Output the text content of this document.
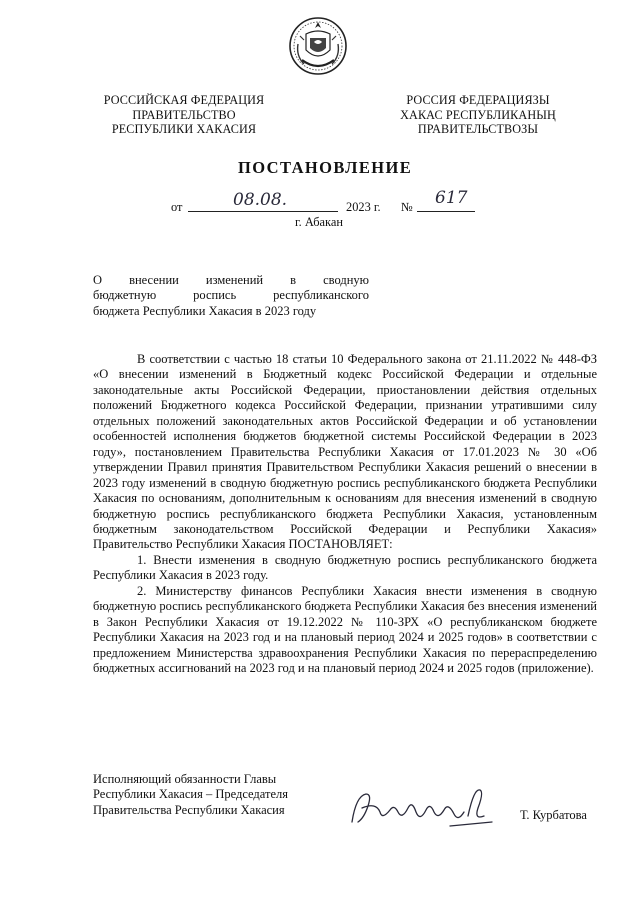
РОССИЙСКАЯ ФЕДЕРАЦИЯ
ПРАВИТЕЛЬСТВО
РЕСПУБЛИКИ ХАКАСИЯ
РОССИЯ ФЕДЕРАЦИЯЗЫ
ХАКАС РЕСПУБЛИКАНЫҢ
ПРАВИТЕЛЬСТВОЗЫ
ПОСТАНОВЛЕНИЕ
от	08.08.	2023 г. № 617
г. Абакан
О внесении изменений в сводную
бюджетную роспись республиканского
бюджета Республики Хакасия в 2023 году

В соответствии с частью 18 статьи 10 Федерального закона от 21.11.2022 № 448-ФЗ «О внесении изменений в Бюджетный кодекс Российской Федерации и отдельные законодательные акты Российской Федерации, приостановлении действия отдельных положений Бюджетного кодекса Российской Федерации, признании утратившими силу отдельных положений законодательных актов Российской Федерации и об установлении особенностей исполнения бюджетов бюджетной системы Российской Федерации в 2023 году», постановлением Правительства Республики Хакасия от 17.01.2023 № 30 «Об утверждении Правил принятия Правительством Республики Хакасия решений о внесении в 2023 году изменений в сводную бюджетную роспись республиканского бюджета Республики Хакасия по основаниям, дополнительным к основаниям для внесения изменений в сводную бюджетную роспись республиканского бюджета Республики Хакасия, установленным бюджетным законодательством Российской Федерации и Республики Хакасия» Правительство Республики Хакасия ПОСТАНОВЛЯЕТ:

1. Внести изменения в сводную бюджетную роспись республиканского бюджета Республики Хакасия в 2023 году.

2. Министерству финансов Республики Хакасия внести изменения в сводную бюджетную роспись республиканского бюджета Республики Хакасия без внесения изменений в Закон Республики Хакасия от 19.12.2022 № 110-ЗРХ «О республиканском бюджете Республики Хакасия на 2023 год и на плановый период 2024 и 2025 годов» в соответствии с предложением Министерства здравоохранения Республики Хакасия по перераспределению бюджетных ассигнований на 2023 год и на плановый период 2024 и 2025 годов (приложение).

Исполняющий обязанности Главы
Республики Хакасия – Председателя
Правительства Республики Хакасия	Т. Курбатова
